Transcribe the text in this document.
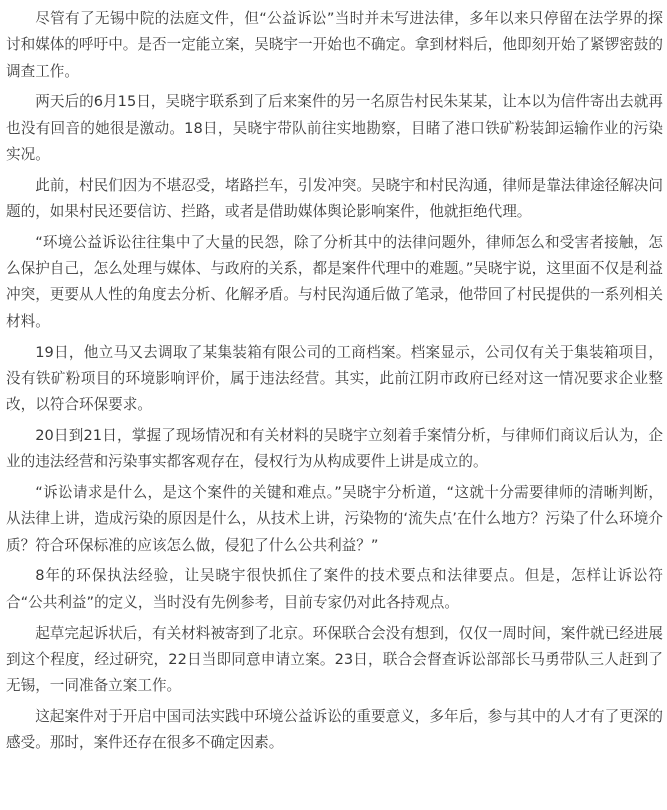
尽管有了无锡中院的法庭文件，但“公益诉讼”当时并未写进法律，多年以来只停留在法学界的探讨和媒体的呼吁中。是否一定能立案，吴晓宇一开始也不确定。拿到材料后，他即刻开始了紧锣密鼓的调查工作。

两天后的6月15日，吴晓宇联系到了后来案件的另一名原告村民朱某某，让本以为信件寄出去就再也没有回音的她很是激动。18日，吴晓宇带队前往实地勘察，目睹了港口铁矿粉装卸运输作业的污染实况。

此前，村民们因为不堪忍受，堵路拦车，引发冲突。吴晓宇和村民沟通，律师是靠法律途径解决问题的，如果村民还要信访、拦路，或者是借助媒体舆论影响案件，他就拒绝代理。

“环境公益诉讼往往集中了大量的民怨，除了分析其中的法律问题外，律师怎么和受害者接触，怎么保护自己，怎么处理与媒体、与政府的关系，都是案件代理中的难题。”吴晓宇说，这里面不仅是利益冲突，更要从人性的角度去分析、化解矛盾。与村民沟通后做了笔录，他带回了村民提供的一系列相关材料。

19日，他立马又去调取了某集装箱有限公司的工商档案。档案显示，公司仅有关于集装箱项目，没有铁矿粉项目的环境影响评价，属于违法经营。其实，此前江阴市政府已经对这一情况要求企业整改，以符合环保要求。

20日到21日，掌握了现场情况和有关材料的吴晓宇立刻着手案情分析，与律师们商议后认为，企业的违法经营和污染事实都客观存在，侵权行为从构成要件上讲是成立的。

“诉讼请求是什么，是这个案件的关键和难点。”吴晓宇分析道，“这就十分需要律师的清晰判断，从法律上讲，造成污染的原因是什么，从技术上讲，污染物的‘流失点’在什么地方？污染了什么环境介质？符合环保标准的应该怎么做，侵犯了什么公共利益？”

8年的环保执法经验，让吴晓宇很快抓住了案件的技术要点和法律要点。但是，怎样让诉讼符合“公共利益”的定义，当时没有先例参考，目前专家仍对此各持观点。

起草完起诉状后，有关材料被寄到了北京。环保联合会没有想到，仅仅一周时间，案件就已经进展到这个程度，经过研究，22日当即同意申请立案。23日，联合会督查诉讼部部长马勇带队三人赶到了无锡，一同准备立案工作。

这起案件对于开启中国司法实践中环境公益诉讼的重要意义，多年后，参与其中的人才有了更深的感受。那时，案件还存在很多不确定因素。
